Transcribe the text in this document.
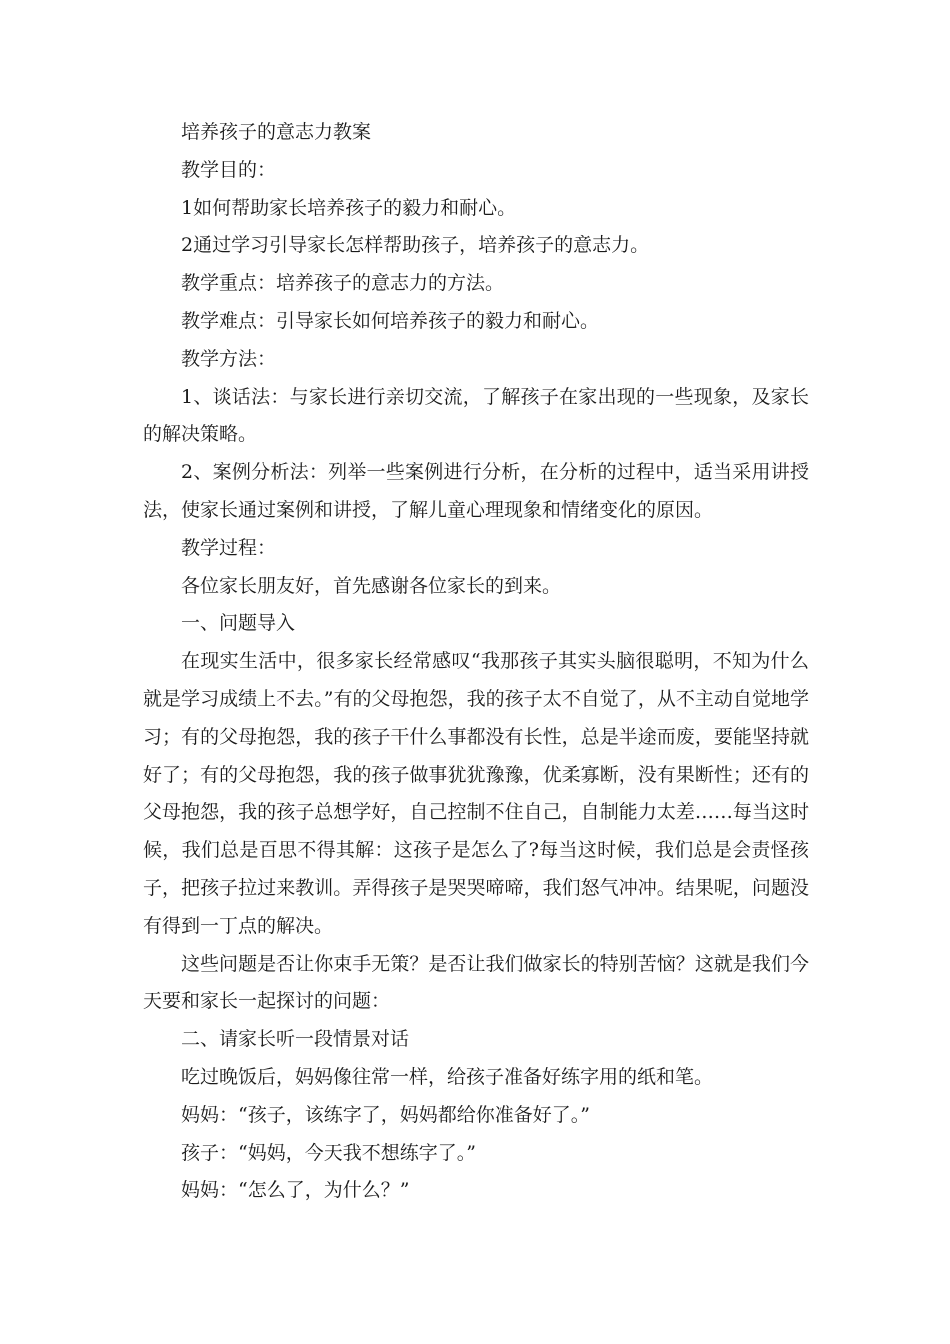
培养孩子的意志力教案

教学目的：

1如何帮助家长培养孩子的毅力和耐心。

2通过学习引导家长怎样帮助孩子，培养孩子的意志力。

教学重点：培养孩子的意志力的方法。

教学难点：引导家长如何培养孩子的毅力和耐心。

教学方法：

1、谈话法：与家长进行亲切交流，了解孩子在家出现的一些现象，及家长的解决策略。

2、案例分析法：列举一些案例进行分析，在分析的过程中，适当采用讲授法，使家长通过案例和讲授，了解儿童心理现象和情绪变化的原因。

教学过程：

各位家长朋友好，首先感谢各位家长的到来。

一、问题导入

在现实生活中，很多家长经常感叹“我那孩子其实头脑很聪明，不知为什么就是学习成绩上不去。”有的父母抱怨，我的孩子太不自觉了，从不主动自觉地学习；有的父母抱怨，我的孩子干什么事都没有长性，总是半途而废，要能坚持就好了；有的父母抱怨，我的孩子做事犹犹豫豫，优柔寡断，没有果断性；还有的父母抱怨，我的孩子总想学好，自己控制不住自己，自制能力太差……每当这时候，我们总是百思不得其解：这孩子是怎么了?每当这时候，我们总是会责怪孩子，把孩子拉过来教训。弄得孩子是哭哭啼啼，我们怒气冲冲。结果呢，问题没有得到一丁点的解决。

这些问题是否让你束手无策？是否让我们做家长的特别苦恼？这就是我们今天要和家长一起探讨的问题：

二、请家长听一段情景对话

吃过晚饭后，妈妈像往常一样，给孩子准备好练字用的纸和笔。

妈妈：“孩子，该练字了，妈妈都给你准备好了。”

孩子：“妈妈，今天我不想练字了。”

妈妈：“怎么了，为什么？”
